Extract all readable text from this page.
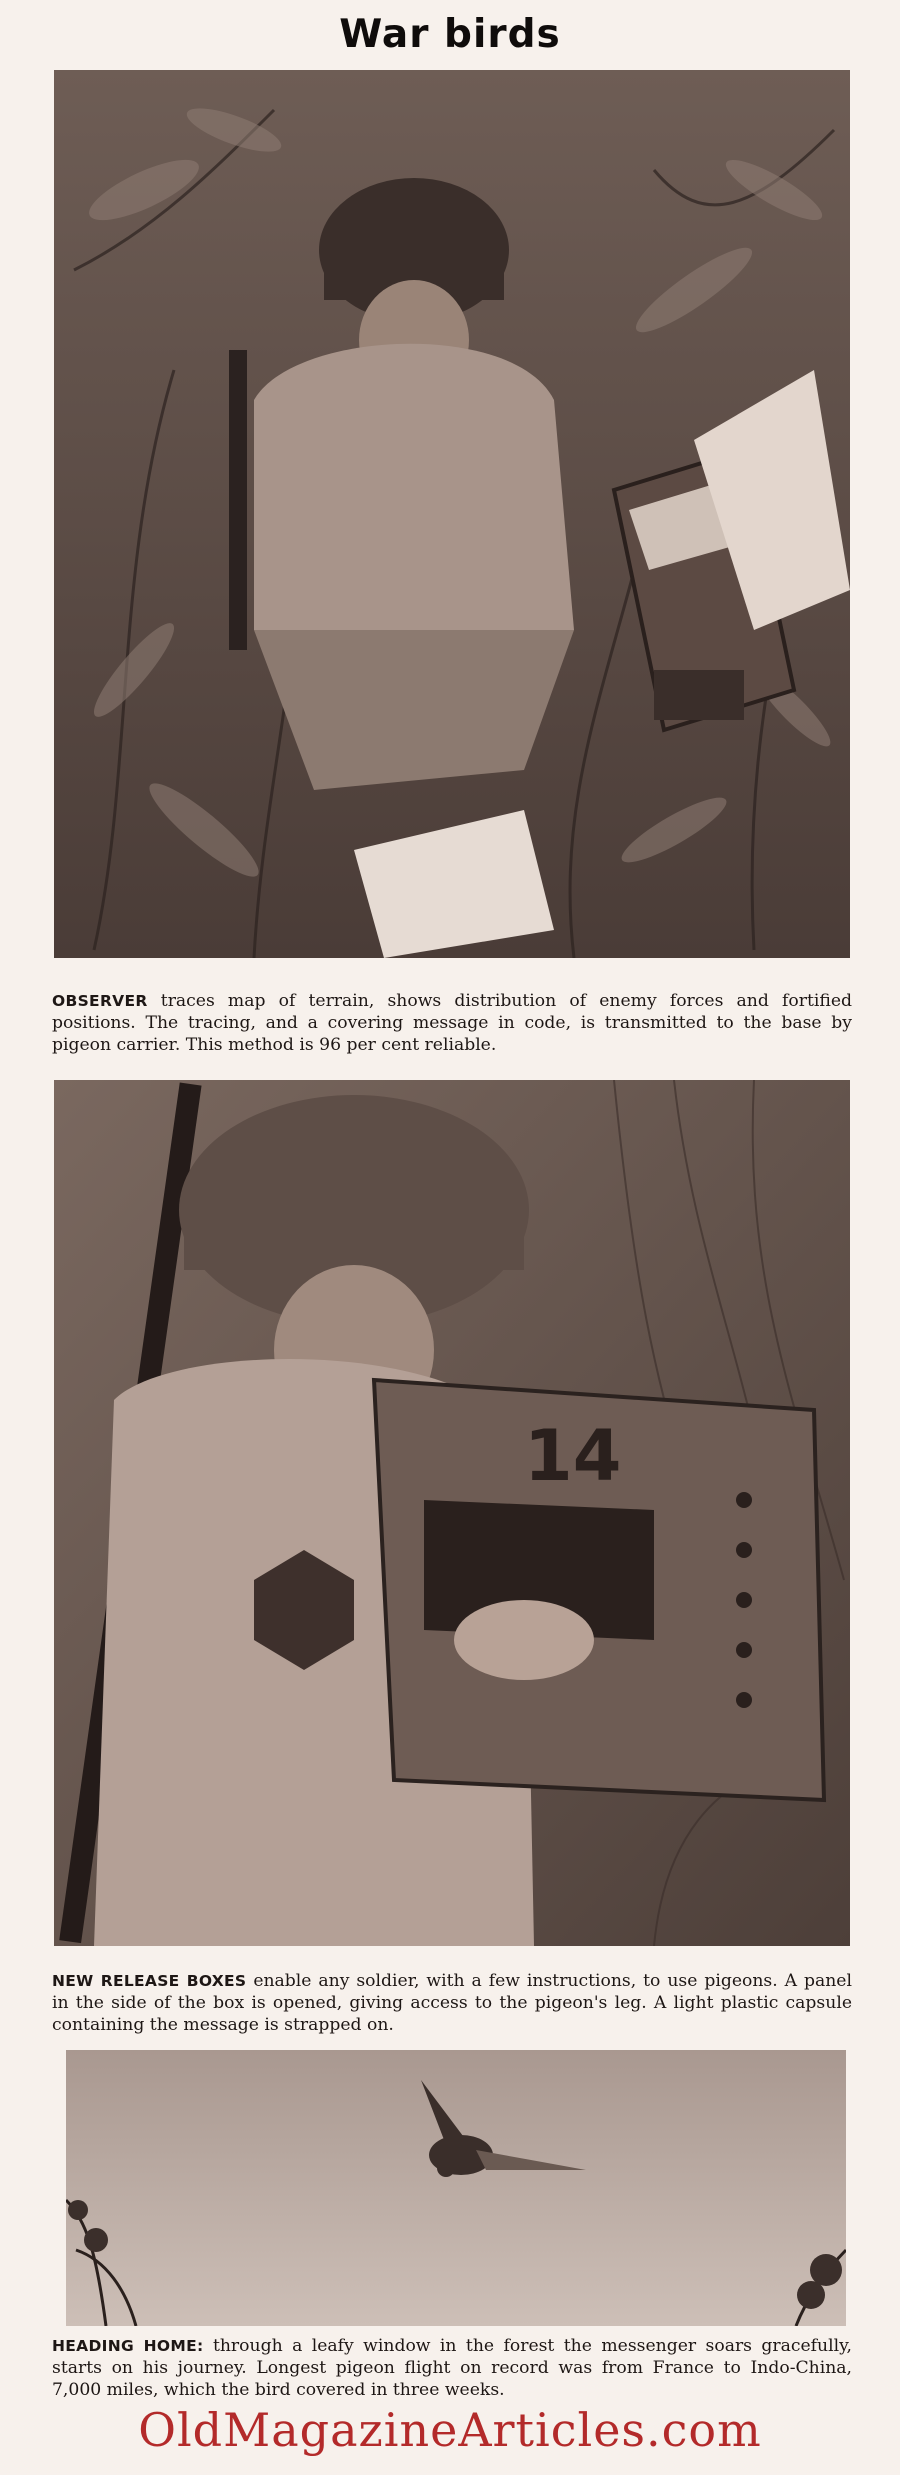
War birds
OBSERVER traces map of terrain, shows distribution of enemy forces and fortified positions. The tracing, and a covering message in code, is transmitted to the base by pigeon carrier. This method is 96 per cent reliable.
14
NEW RELEASE BOXES enable any soldier, with a few instructions, to use pigeons. A panel in the side of the box is opened, giving access to the pigeon's leg. A light plastic capsule containing the message is strapped on.
HEADING HOME: through a leafy window in the forest the messenger soars gracefully, starts on his journey. Longest pigeon flight on record was from France to Indo-China, 7,000 miles, which the bird covered in three weeks.
OldMagazineArticles.com
